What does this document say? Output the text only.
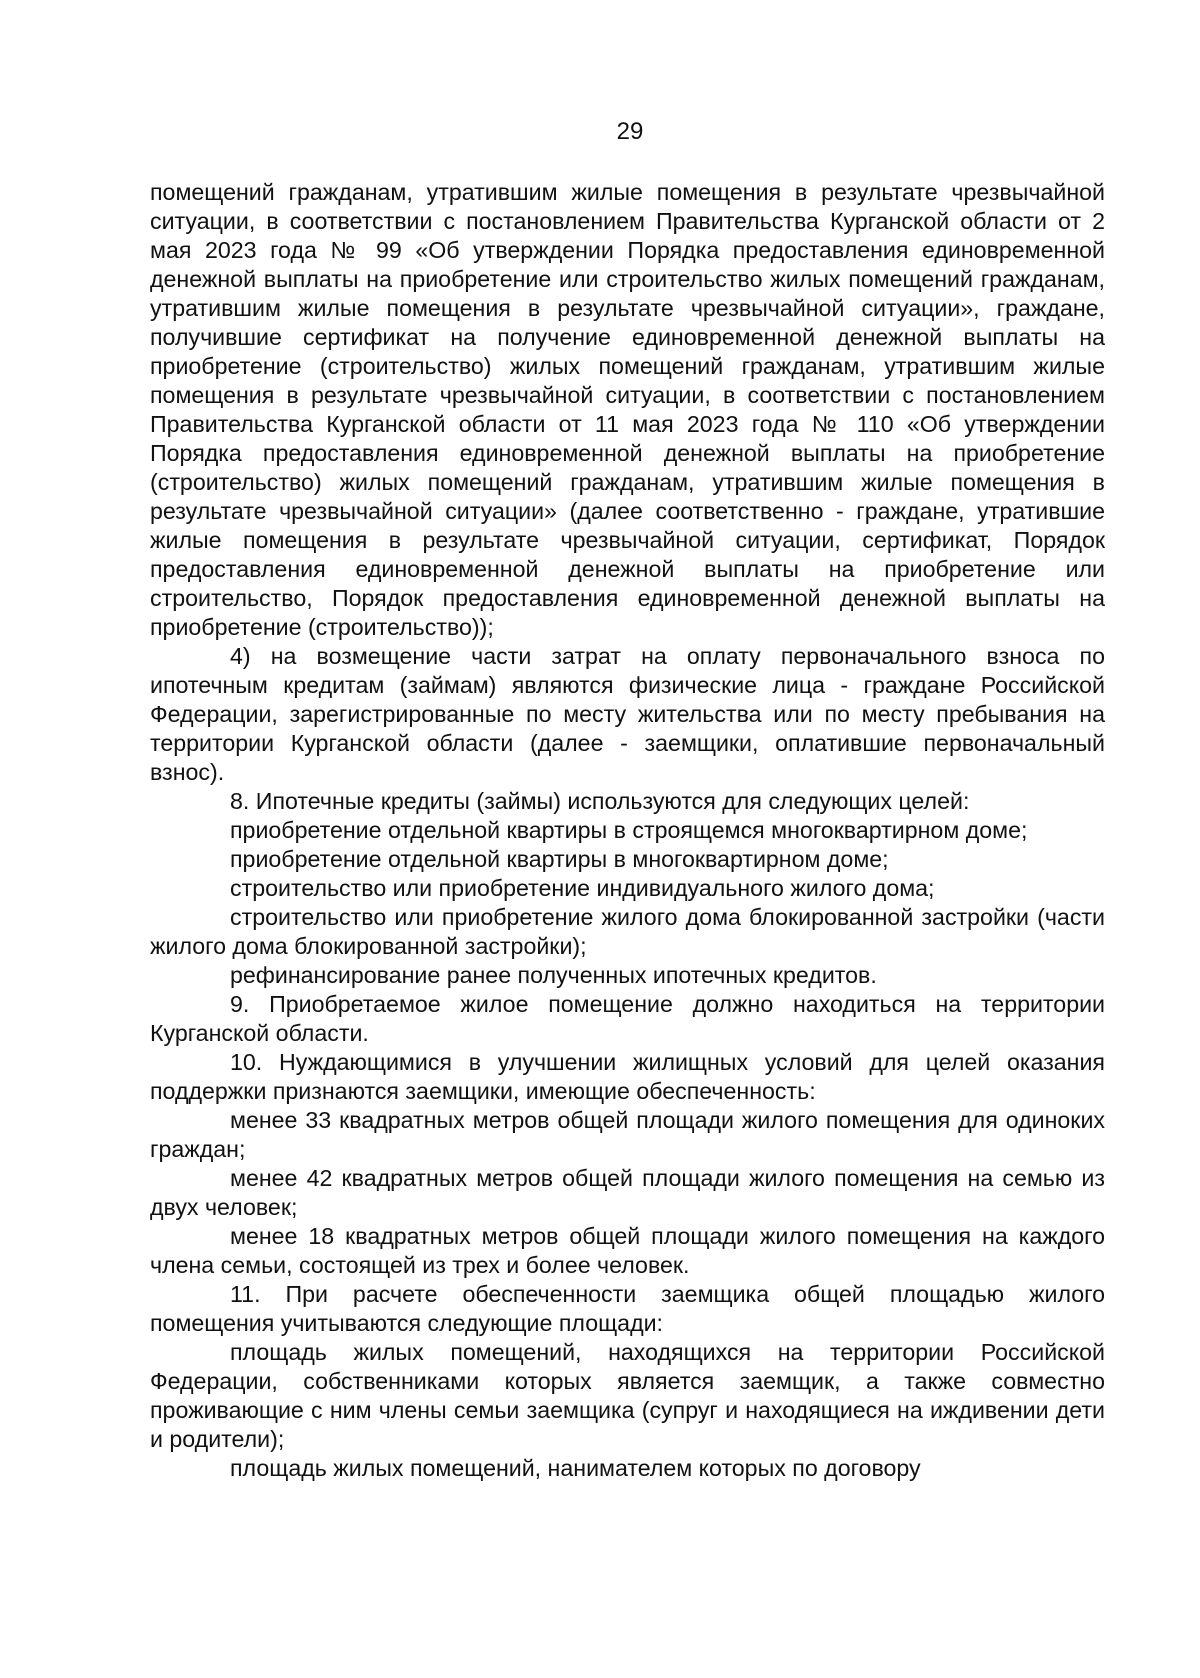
29

помещений гражданам, утратившим жилые помещения в результате чрезвычайной ситуации, в соответствии с постановлением Правительства Курганской области от 2 мая 2023 года № 99 «Об утверждении Порядка предоставления единовременной денежной выплаты на приобретение или строительство жилых помещений гражданам, утратившим жилые помещения в результате чрезвычайной ситуации», граждане, получившие сертификат на получение единовременной денежной выплаты на приобретение (строительство) жилых помещений гражданам, утратившим жилые помещения в результате чрезвычайной ситуации, в соответствии с постановлением Правительства Курганской области от 11 мая 2023 года № 110 «Об утверждении Порядка предоставления единовременной денежной выплаты на приобретение (строительство) жилых помещений гражданам, утратившим жилые помещения в результате чрезвычайной ситуации» (далее соответственно - граждане, утратившие жилые помещения в результате чрезвычайной ситуации, сертификат, Порядок предоставления единовременной денежной выплаты на приобретение или строительство, Порядок предоставления единовременной денежной выплаты на приобретение (строительство));

4) на возмещение части затрат на оплату первоначального взноса по ипотечным кредитам (займам) являются физические лица - граждане Российской Федерации, зарегистрированные по месту жительства или по месту пребывания на территории Курганской области (далее - заемщики, оплатившие первоначальный взнос).

8. Ипотечные кредиты (займы) используются для следующих целей:

приобретение отдельной квартиры в строящемся многоквартирном доме;

приобретение отдельной квартиры в многоквартирном доме;

строительство или приобретение индивидуального жилого дома;

строительство или приобретение жилого дома блокированной застройки (части жилого дома блокированной застройки);

рефинансирование ранее полученных ипотечных кредитов.

9. Приобретаемое жилое помещение должно находиться на территории Курганской области.

10. Нуждающимися в улучшении жилищных условий для целей оказания поддержки признаются заемщики, имеющие обеспеченность:

менее 33 квадратных метров общей площади жилого помещения для одиноких граждан;

менее 42 квадратных метров общей площади жилого помещения на семью из двух человек;

менее 18 квадратных метров общей площади жилого помещения на каждого члена семьи, состоящей из трех и более человек.

11. При расчете обеспеченности заемщика общей площадью жилого помещения учитываются следующие площади:

площадь жилых помещений, находящихся на территории Российской Федерации, собственниками которых является заемщик, а также совместно проживающие с ним члены семьи заемщика (супруг и находящиеся на иждивении дети и родители);

площадь жилых помещений, нанимателем которых по договору
